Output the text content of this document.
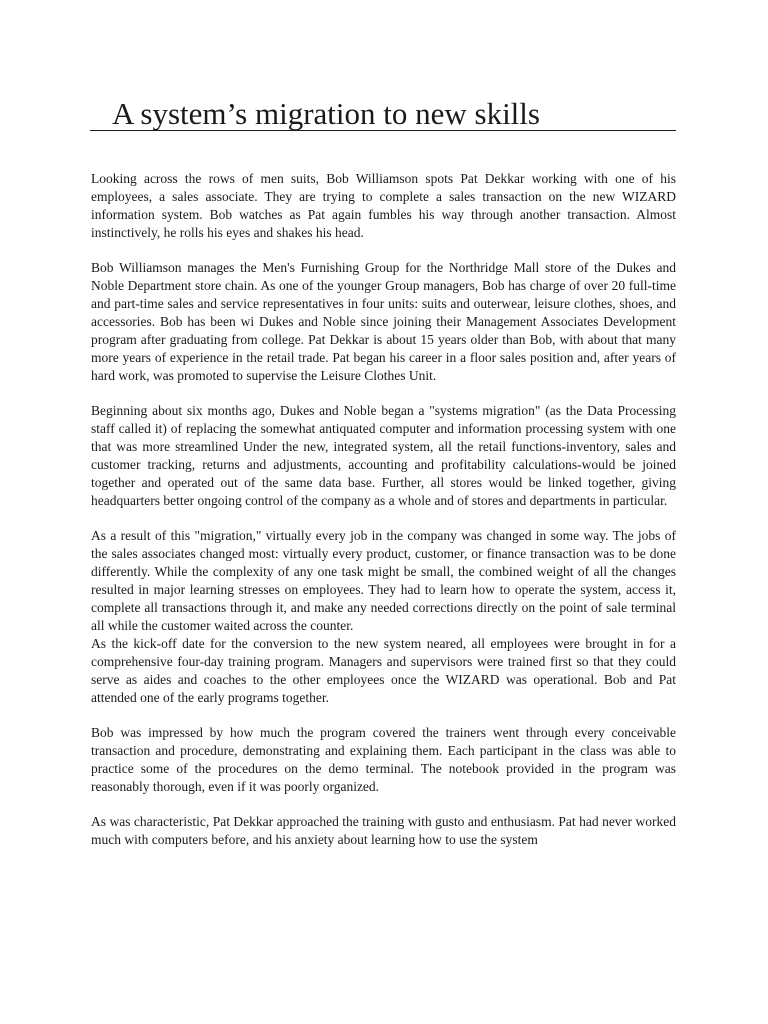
A system’s migration to new skills

Looking across the rows of men suits, Bob Williamson spots Pat Dekkar working with one of his employees, a sales associate. They are trying to complete a sales transaction on the new WIZARD information system. Bob watches as Pat again fumbles his way through another transaction. Almost instinctively, he rolls his eyes and shakes his head.

Bob Williamson manages the Men's Furnishing Group for the Northridge Mall store of the Dukes and Noble Department store chain. As one of the younger Group managers, Bob has charge of over 20 full-time and part-time sales and service representatives in four units: suits and outerwear, leisure clothes, shoes, and accessories. Bob has been wi Dukes and Noble since joining their Management Associates Development program after graduating from college. Pat Dekkar is about 15 years older than Bob, with about that many more years of experience in the retail trade. Pat began his career in a floor sales position and, after years of hard work, was promoted to supervise the Leisure Clothes Unit.

Beginning about six months ago, Dukes and Noble began a "systems migration" (as the Data Processing staff called it) of replacing the somewhat antiquated computer and information processing system with one that was more streamlined Under the new, integrated system, all the retail functions-inventory, sales and customer tracking, returns and adjustments, accounting and profitability calculations-would be joined together and operated out of the same data base. Further, all stores would be linked together, giving headquarters better ongoing control of the company as a whole and of stores and departments in particular.

As a result of this "migration," virtually every job in the company was changed in some way. The jobs of the sales associates changed most: virtually every product, customer, or finance transaction was to be done differently. While the complexity of any one task might be small, the combined weight of all the changes resulted in major learning stresses on employees. They had to learn how to operate the system, access it, complete all transactions through it, and make any needed corrections directly on the point of sale terminal all while the customer waited across the counter.

As the kick-off date for the conversion to the new system neared, all employees were brought in for a comprehensive four-day training program. Managers and supervisors were trained first so that they could serve as aides and coaches to the other employees once the WIZARD was operational. Bob and Pat attended one of the early programs together.

Bob was impressed by how much the program covered the trainers went through every conceivable transaction and procedure, demonstrating and explaining them. Each participant in the class was able to practice some of the procedures on the demo terminal. The notebook provided in the program was reasonably thorough, even if it was poorly organized.

As was characteristic, Pat Dekkar approached the training with gusto and enthusiasm. Pat had never worked much with computers before, and his anxiety about learning how to use the system
